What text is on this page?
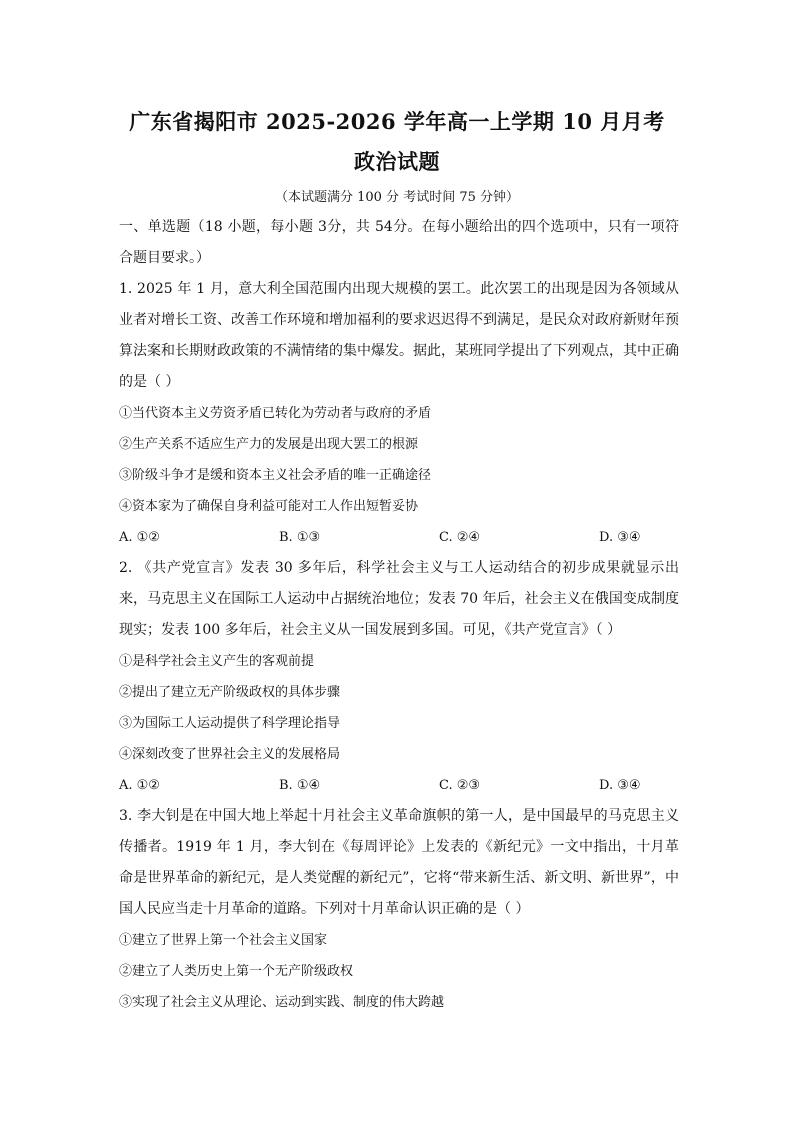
广东省揭阳市 2025-2026 学年高一上学期 10 月月考
政治试题
（本试题满分 100 分 考试时间 75 分钟）

一、单选题（18 小题，每小题 3分，共 54分。在每小题给出的四个选项中，只有一项符合题目要求。）

1. 2025 年 1 月，意大利全国范围内出现大规模的罢工。此次罢工的出现是因为各领域从业者对增长工资、改善工作环境和增加福利的要求迟迟得不到满足，是民众对政府新财年预算法案和长期财政政策的不满情绪的集中爆发。据此，某班同学提出了下列观点，其中正确的是（ ）

①当代资本主义劳资矛盾已转化为劳动者与政府的矛盾

②生产关系不适应生产力的发展是出现大罢工的根源

③阶级斗争才是缓和资本主义社会矛盾的唯一正确途径

④资本家为了确保自身利益可能对工人作出短暂妥协

A. ①②	B. ①③	C. ②④	D. ③④

2. 《共产党宣言》发表 30 多年后，科学社会主义与工人运动结合的初步成果就显示出来，马克思主义在国际工人运动中占据统治地位；发表 70 年后，社会主义在俄国变成制度现实；发表 100 多年后，社会主义从一国发展到多国。可见，《共产党宣言》（ ）

①是科学社会主义产生的客观前提

②提出了建立无产阶级政权的具体步骤

③为国际工人运动提供了科学理论指导

④深刻改变了世界社会主义的发展格局

A. ①②	B. ①④	C. ②③	D. ③④

3. 李大钊是在中国大地上举起十月社会主义革命旗帜的第一人，是中国最早的马克思主义传播者。1919 年 1 月，李大钊在《每周评论》上发表的《新纪元》一文中指出，十月革命是世界革命的新纪元，是人类觉醒的新纪元”，它将“带来新生活、新文明、新世界”，中国人民应当走十月革命的道路。下列对十月革命认识正确的是（ ）

①建立了世界上第一个社会主义国家

②建立了人类历史上第一个无产阶级政权

③实现了社会主义从理论、运动到实践、制度的伟大跨越
